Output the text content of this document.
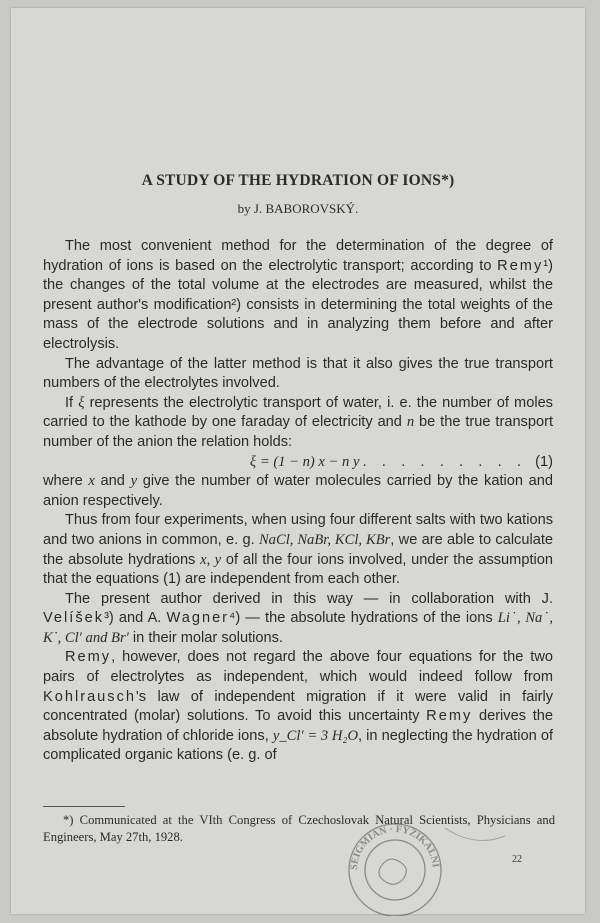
A STUDY OF THE HYDRATION OF IONS*)
by J. BABOROVSKÝ.

The most convenient method for the determination of the degree of hydration of ions is based on the electrolytic transport; according to Remy¹) the changes of the total volume at the electrodes are measured, whilst the present author's modification²) consists in determining the total weights of the mass of the electrode solutions and in analyzing them before and after electrolysis.

The advantage of the latter method is that it also gives the true transport numbers of the electrolytes involved.

If ξ represents the electrolytic transport of water, i. e. the number of moles carried to the kathode by one faraday of electricity and n be the true transport number of the anion the relation holds:

ξ = (1 − n) x − n y . . . . . . . . . (1)

where x and y give the number of water molecules carried by the kation and anion respectively.

Thus from four experiments, when using four different salts with two kations and two anions in common, e. g. NaCl, NaBr, KCl, KBr, we are able to calculate the absolute hydrations x, y of all the four ions involved, under the assumption that the equations (1) are independent from each other.

The present author derived in this way — in collaboration with J. Velíšek³) and A. Wagner⁴) — the absolute hydrations of the ions Li˙, Na˙, K˙, Cl′ and Br′ in their molar solutions.

Remy, however, does not regard the above four equations for the two pairs of electrolytes as independent, which would indeed follow from Kohlrausch's law of independent migration if it were valid in fairly concentrated (molar) solutions. To avoid this uncertainty Remy derives the absolute hydration of chloride ions, y_Cl′ = 3 H₂O, in neglecting the hydration of complicated organic kations (e. g. of

*) Communicated at the VIth Congress of Czechoslovak Natural Scientists, Physicians and Engineers, May 27th, 1928.

SEIGMIAN · FYZIKÁLNÍ
22
